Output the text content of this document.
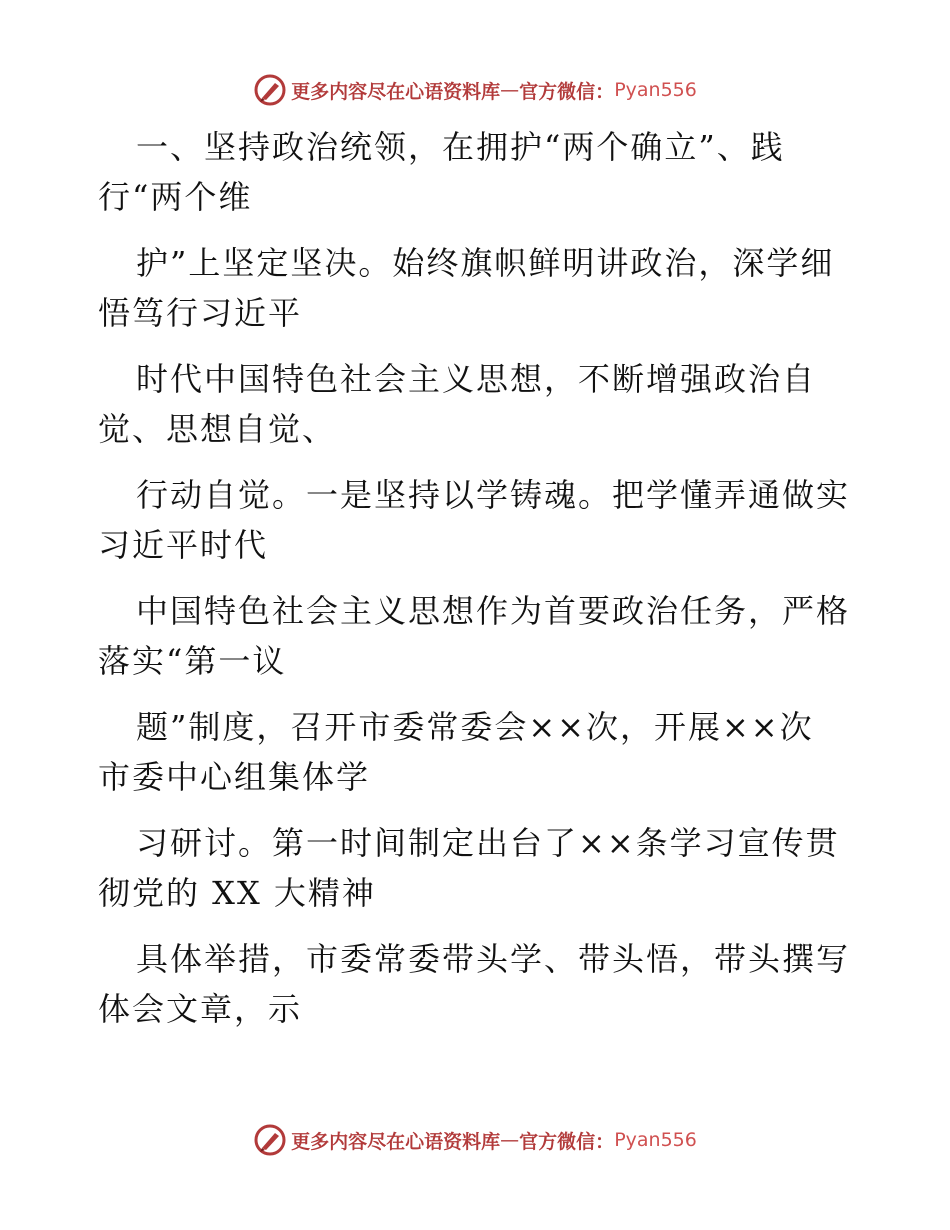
更多内容尽在心语资料库 — 官方微信： Pyan556
一、坚持政治统领，在拥护“两个确立”、践
行“两个维
护”上坚定坚决。始终旗帜鲜明讲政治，深学细
悟笃行习近平
时代中国特色社会主义思想，不断增强政治自
觉、思想自觉、
行动自觉。一是坚持以学铸魂。把学懂弄通做实
习近平时代
中国特色社会主义思想作为首要政治任务，严格
落实“第一议
题”制度，召开市委常委会××次，开展××次
市委中心组集体学
习研讨。第一时间制定出台了××条学习宣传贯
彻党的 XX 大精神
具体举措，市委常委带头学、带头悟，带头撰写
体会文章，示
更多内容尽在心语资料库 — 官方微信： Pyan556
